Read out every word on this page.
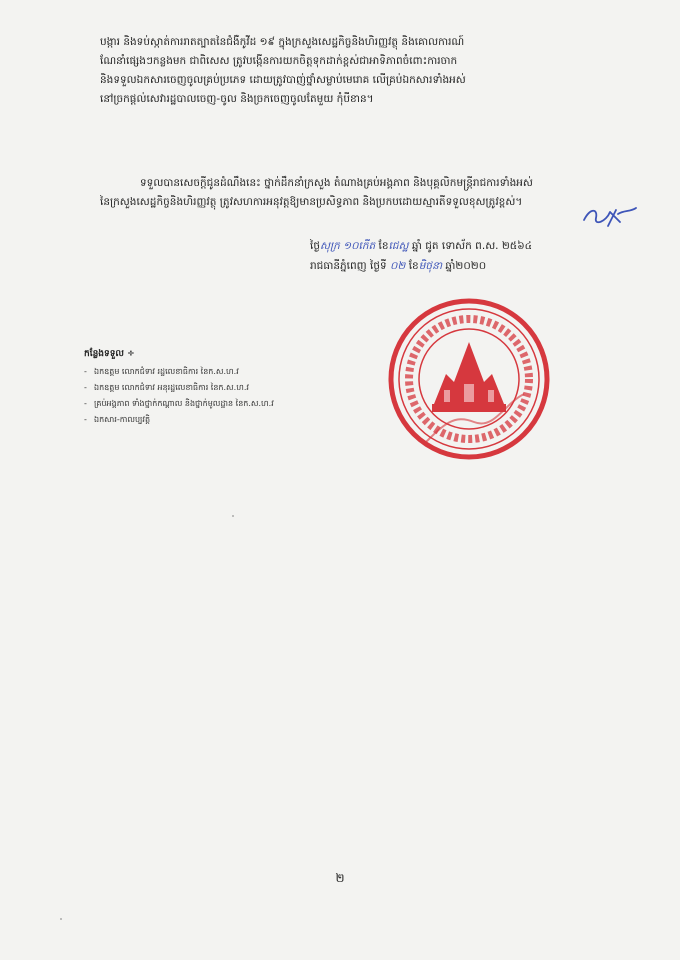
បង្ការ និងទប់ស្កាត់ការរាតត្បាតនៃជំងឺកូវីដ ១៩ ក្នុងក្រសួងសេដ្ឋកិច្ចនិងហិរញ្ញវត្ថុ និងគោលការណ៍
ណែនាំផ្សេងៗកន្លងមក ជាពិសេស ត្រូវបង្កើនការយកចិត្តទុកដាក់ខ្ពស់ជាអាទិភាពចំពោះការចាក
និងទទួលឯកសារចេញចូលគ្រប់ប្រភេទ ដោយត្រូវបាញ់ថ្នាំសម្លាប់មេរោគ លើគ្រប់ឯកសារទាំងអស់
នៅច្រកផ្តល់សេវារដ្ឋបាលចេញ-ចូល និងច្រកចេញចូលតែមួយ កុំបីខាន។
ទទួលបានសេចក្តីជូនដំណឹងនេះ ថ្នាក់ដឹកនាំក្រសួង តំណាងគ្រប់អង្គភាព និងបុគ្គលិកមន្ត្រីរាជការទាំងអស់
នៃក្រសួងសេដ្ឋកិច្ចនិងហិរញ្ញវត្ថុ ត្រូវសហការអនុវត្តឱ្យមានប្រសិទ្ធភាព និងប្រកបដោយស្មារតីទទួលខុសត្រូវខ្ពស់។
ថ្ងៃសុក្រ ១០កើត ខែជេស្ឋ ឆ្នាំ ជូត ទោស័ក ព.ស. ២៥៦៤
រាជធានីភ្នំពេញ ថ្ងៃទី ០២ ខែមិថុនា ឆ្នាំ២០២០
កន្លែងទទួល ÷
- ឯកឧត្តម លោកជំទាវ រដ្ឋលេខាធិការ នៃក.ស.ហ.វ
- ឯកឧត្តម លោកជំទាវ អនុរដ្ឋលេខាធិការ នៃក.ស.ហ.វ
- គ្រប់អង្គភាព ទាំងថ្នាក់កណ្តាល និងថ្នាក់មូលដ្ឋាន នៃក.ស.ហ.វ
- ឯកសារ-កាលប្បវត្តិ
២
